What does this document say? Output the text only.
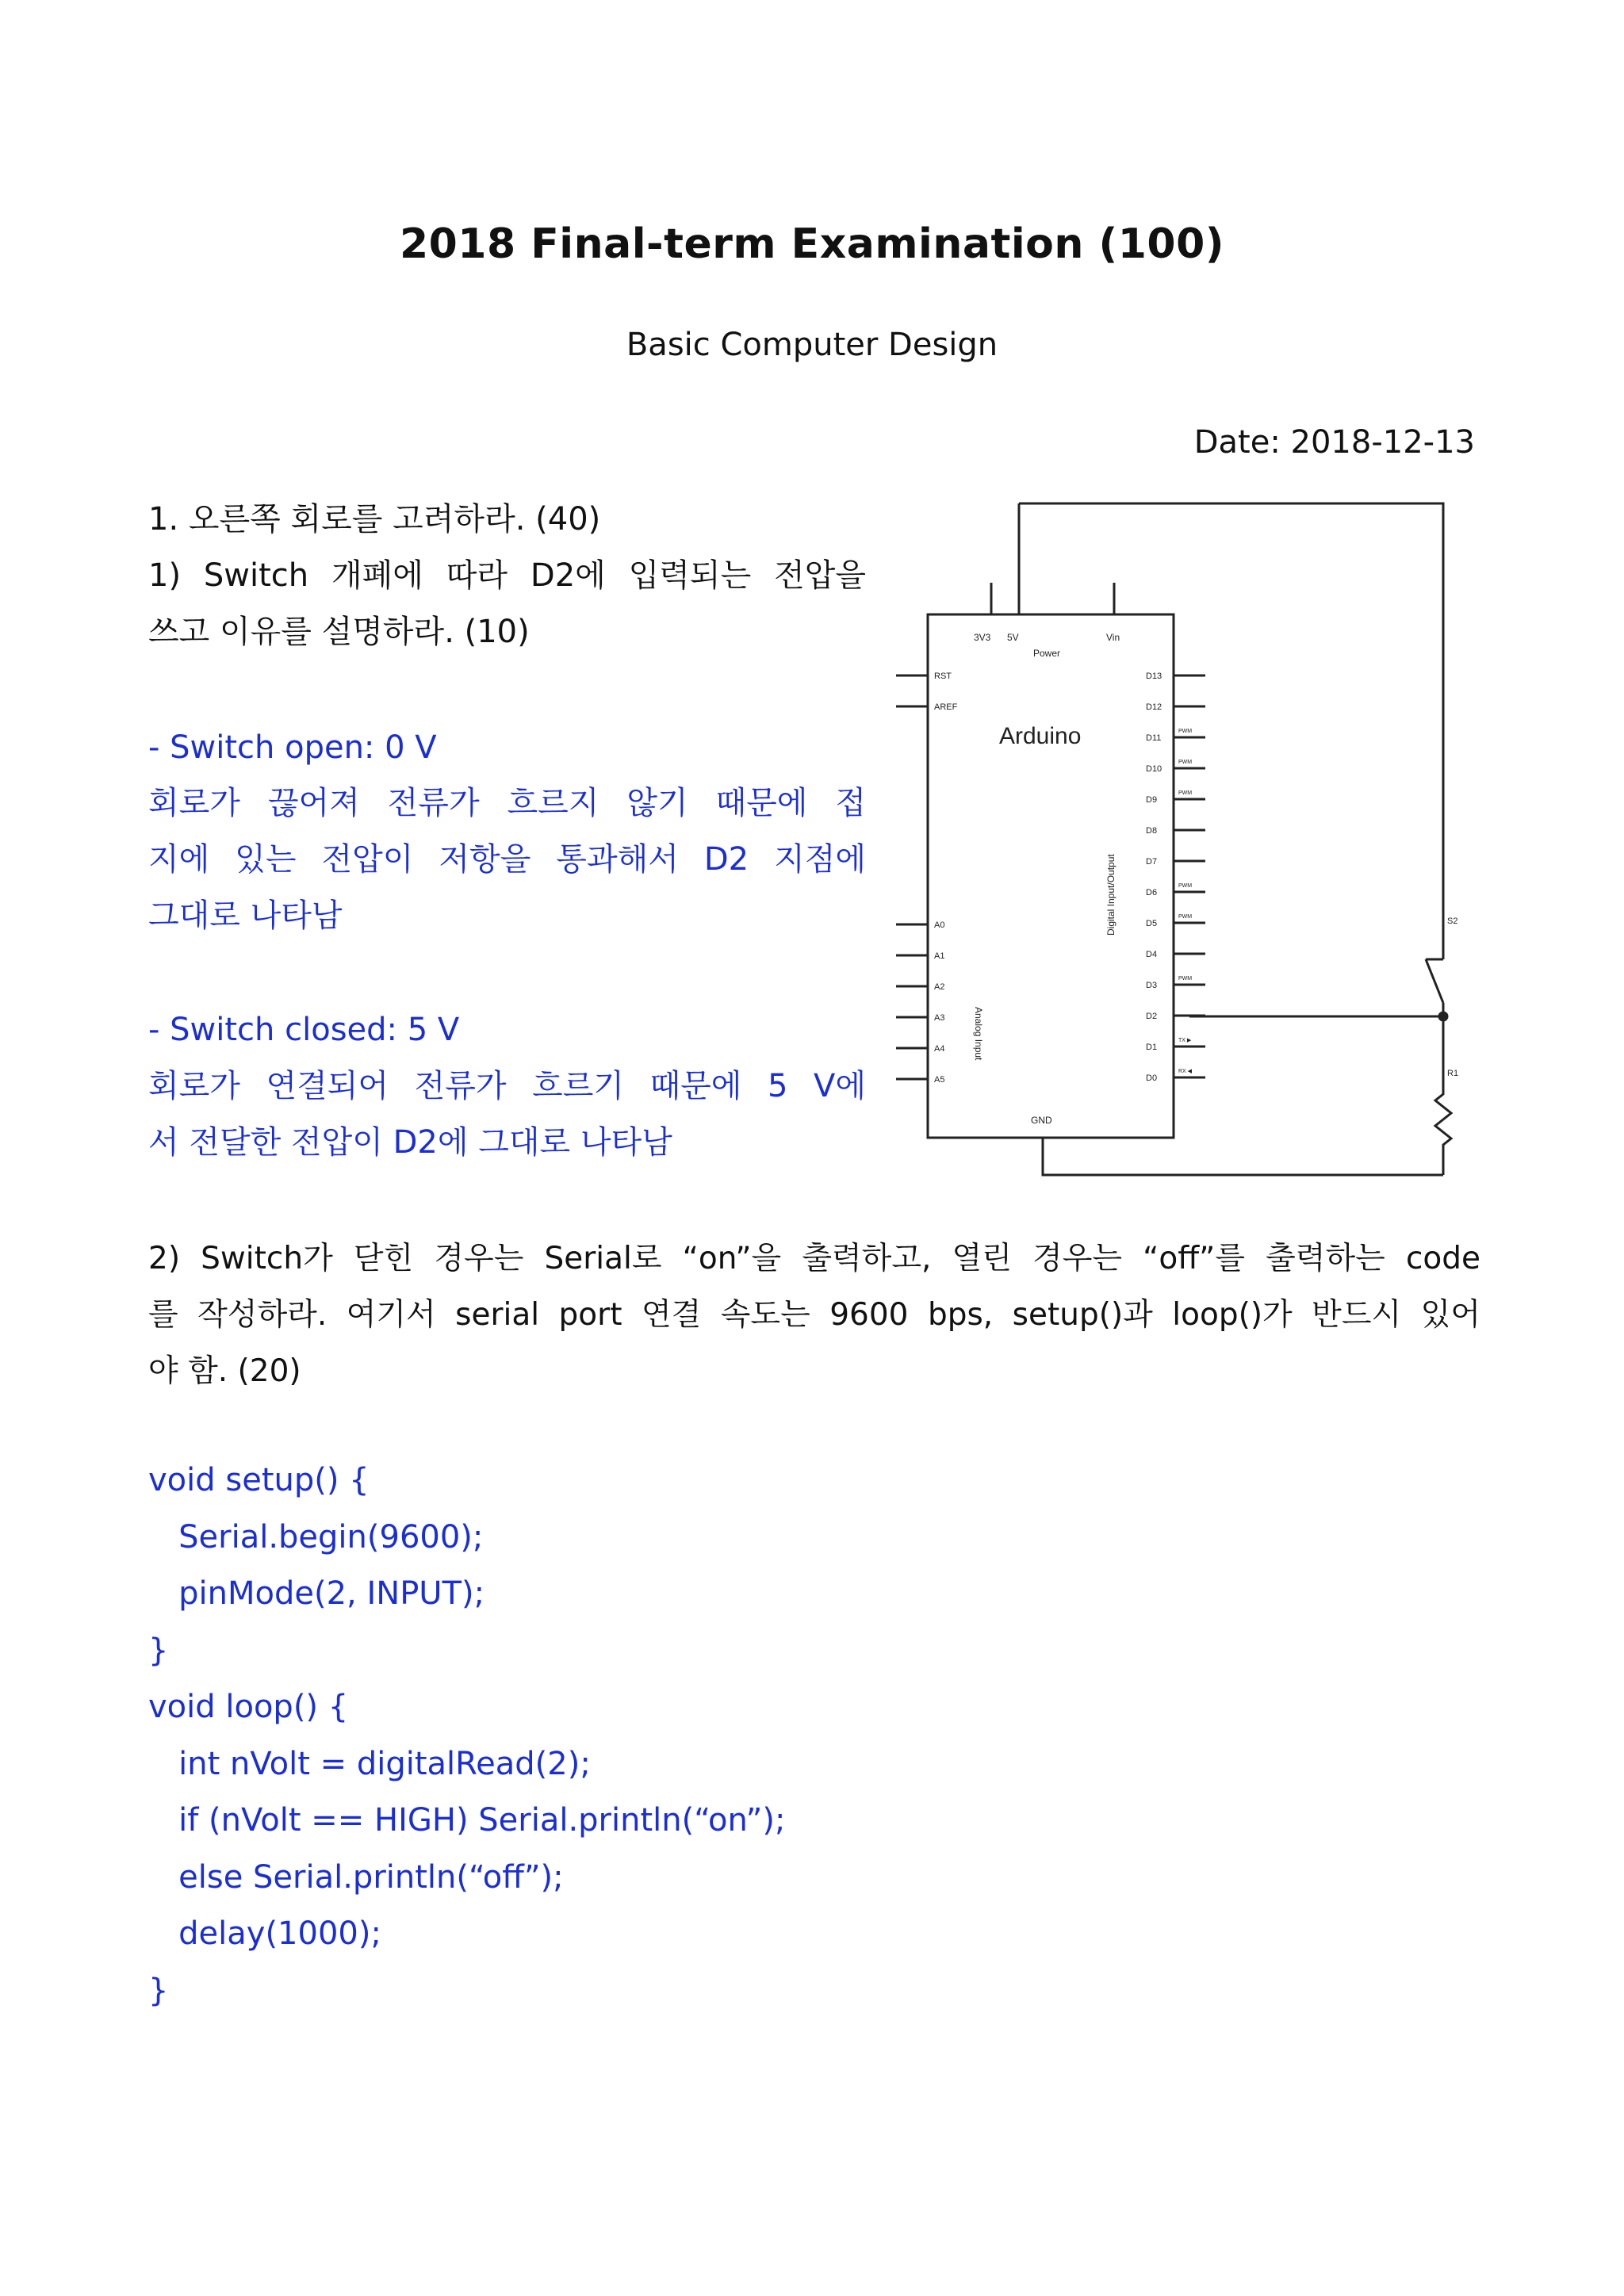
2018 Final-term Examination (100)
Basic Computer Design
Date: 2018-12-13
1. 오른쪽 회로를 고려하라. (40)
1) Switch 개폐에 따라 D2에 입력되는 전압을
쓰고 이유를 설명하라. (10)
- Switch open: 0 V
회로가 끊어져 전류가 흐르지 않기 때문에 접
지에 있는 전압이 저항을 통과해서 D2 지점에
그대로 나타남
- Switch closed: 5 V
회로가 연결되어 전류가 흐르기 때문에 5 V에
서 전달한 전압이 D2에 그대로 나타남
2) Switch가 닫힌 경우는 Serial로 “on”을 출력하고, 열린 경우는 “off”를 출력하는 code
를 작성하라. 여기서 serial port 연결 속도는 9600 bps, setup()과 loop()가 반드시 있어
야 함. (20)
void setup() {
Serial.begin(9600);
pinMode(2, INPUT);
}
void loop() {
int nVolt = digitalRead(2);
if (nVolt == HIGH) Serial.println(“on”);
else Serial.println(“off”);
delay(1000);
}
3V3 5V	Vin
Power
Arduino
GND
S2
R1
Digital Input/Output
Analog Input
RST
AREF
A0
A1
A2
A3
A4
A5
D13
D12
D11
PWM
D10
PWM
D9
PWM
D8
D7
D6
PWM
D5
PWM
D4
D3
PWM
D2
D1
TX ▶
D0
RX ◀
